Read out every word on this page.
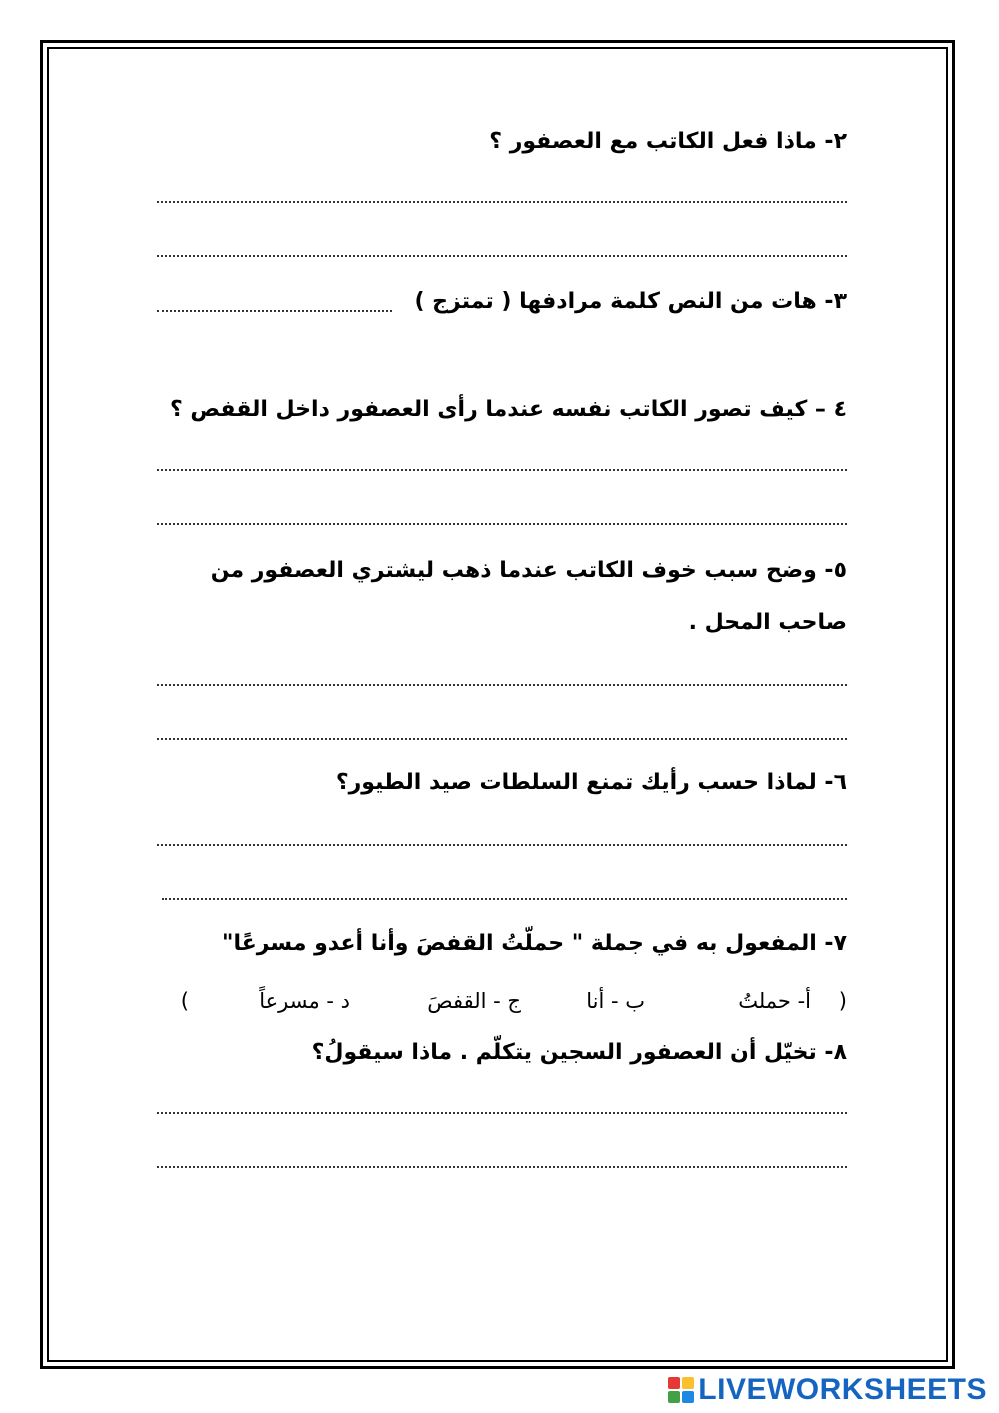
٢- ماذا فعل الكاتب مع العصفور ؟
٣- هات من النص كلمة مرادفها ( تمتزج )
٤ – كيف تصور الكاتب نفسه عندما رأى العصفور داخل القفص ؟
٥- وضح سبب خوف الكاتب عندما ذهب ليشتري العصفور من
صاحب المحل .
٦- لماذا حسب رأيك تمنع السلطات صيد الطيور؟
٧- المفعول به في جملة " حملّتُ القفصَ وأنا أعدو مسرعًا"
(
أ- حملتُ
ب - أنا
ج - القفصَ
د - مسرعاً
)
٨- تخيّل أن العصفور السجين يتكلّم . ماذا سيقولُ؟
LIVEWORKSHEETS
